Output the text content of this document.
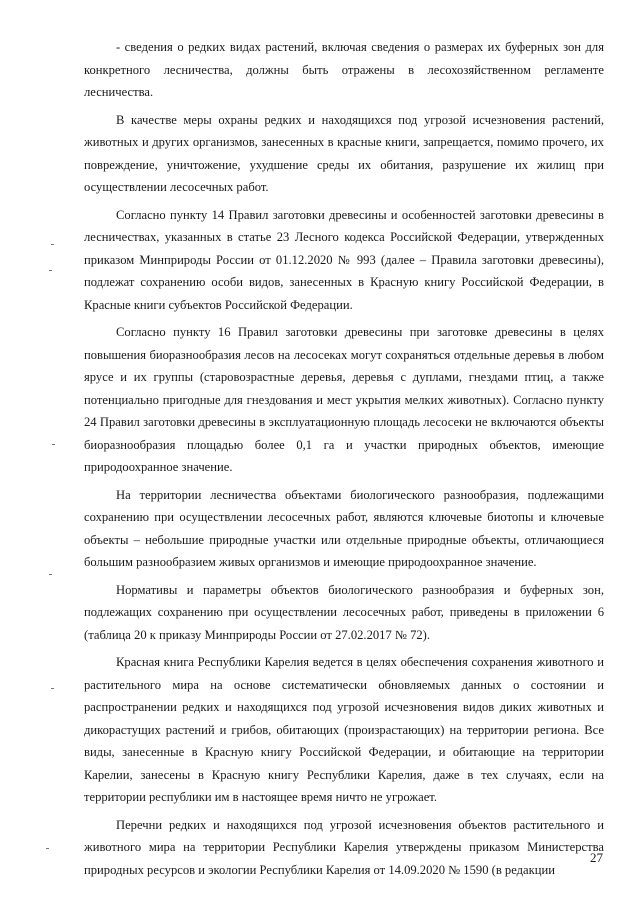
- сведения о редких видах растений, включая сведения о размерах их буферных зон для конкретного лесничества, должны быть отражены в лесохозяйственном регламенте лесничества.

В качестве меры охраны редких и находящихся под угрозой исчезновения растений, животных и других организмов, занесенных в красные книги, запрещается, помимо прочего, их повреждение, уничтожение, ухудшение среды их обитания, разрушение их жилищ при осуществлении лесосечных работ.

Согласно пункту 14 Правил заготовки древесины и особенностей заготовки древесины в лесничествах, указанных в статье 23 Лесного кодекса Российской Федерации, утвержденных приказом Минприроды России от 01.12.2020 № 993 (далее – Правила заготовки древесины), подлежат сохранению особи видов, занесенных в Красную книгу Российской Федерации, в Красные книги субъектов Российской Федерации.

Согласно пункту 16 Правил заготовки древесины при заготовке древесины в целях повышения биоразнообразия лесов на лесосеках могут сохраняться отдельные деревья в любом ярусе и их группы (старовозрастные деревья, деревья с дуплами, гнездами птиц, а также потенциально пригодные для гнездования и мест укрытия мелких животных). Согласно пункту 24 Правил заготовки древесины в эксплуатационную площадь лесосеки не включаются объекты биоразнообразия площадью более 0,1 га и участки природных объектов, имеющие природоохранное значение.

На территории лесничества объектами биологического разнообразия, подлежащими сохранению при осуществлении лесосечных работ, являются ключевые биотопы и ключевые объекты – небольшие природные участки или отдельные природные объекты, отличающиеся большим разнообразием живых организмов и имеющие природоохранное значение.

Нормативы и параметры объектов биологического разнообразия и буферных зон, подлежащих сохранению при осуществлении лесосечных работ, приведены в приложении 6 (таблица 20 к приказу Минприроды России от 27.02.2017 № 72).

Красная книга Республики Карелия ведется в целях обеспечения сохранения животного и растительного мира на основе систематически обновляемых данных о состоянии и распространении редких и находящихся под угрозой исчезновения видов диких животных и дикорастущих растений и грибов, обитающих (произрастающих) на территории региона. Все виды, занесенные в Красную книгу Российской Федерации, и обитающие на территории Карелии, занесены в Красную книгу Республики Карелия, даже в тех случаях, если на территории республики им в настоящее время ничто не угрожает.

Перечни редких и находящихся под угрозой исчезновения объектов растительного и животного мира на территории Республики Карелия утверждены приказом Министерства природных ресурсов и экологии Республики Карелия от 14.09.2020 № 1590 (в редакции

27
